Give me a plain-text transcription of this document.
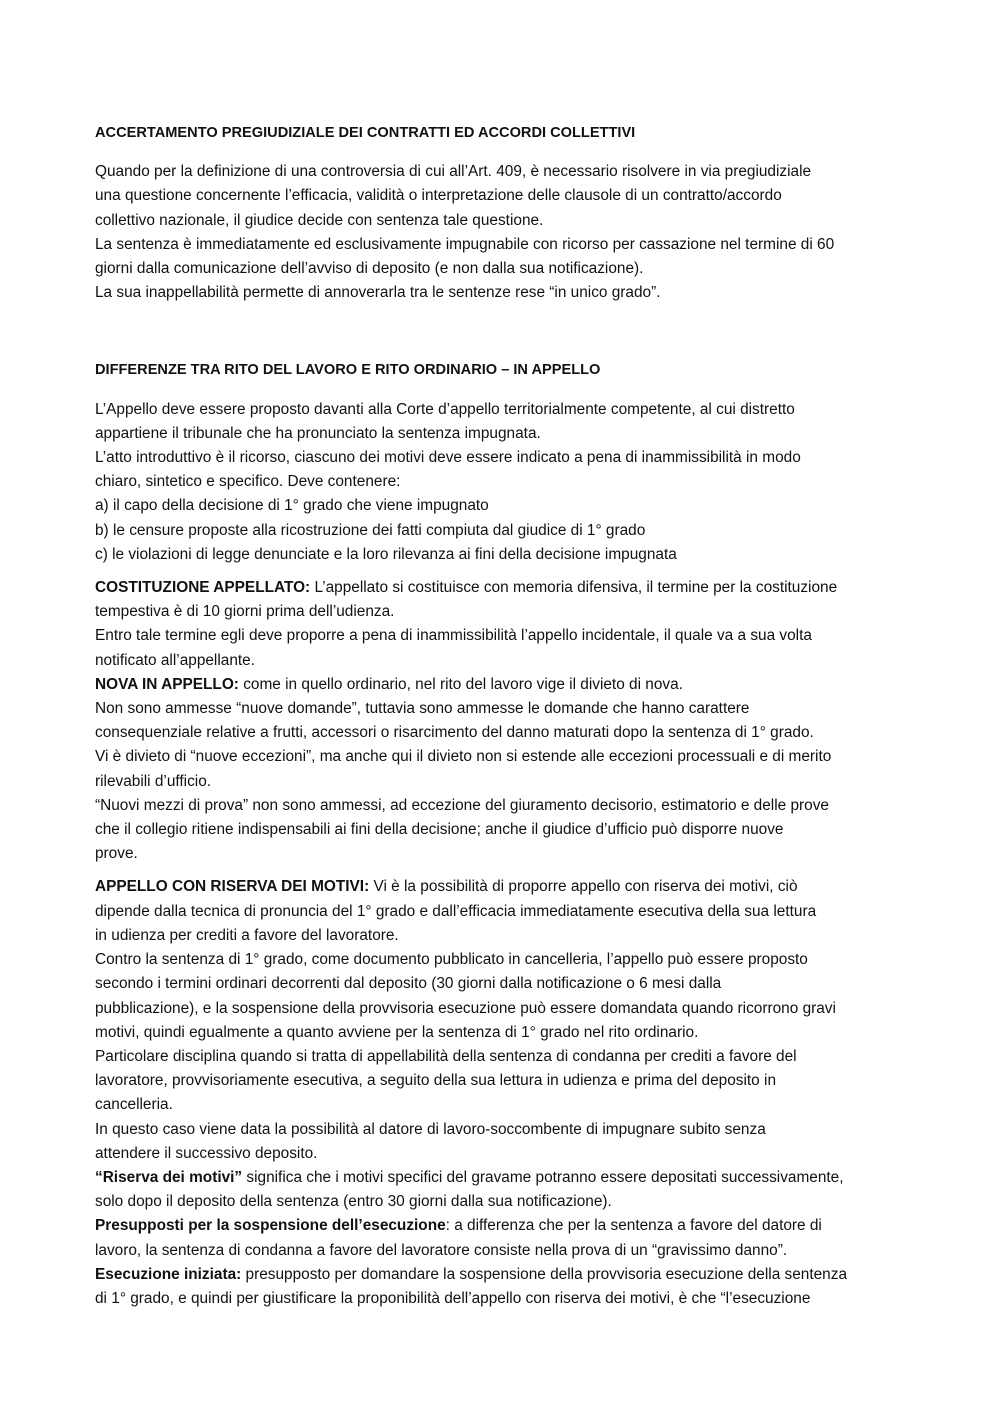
ACCERTAMENTO PREGIUDIZIALE DEI CONTRATTI ED ACCORDI COLLETTIVI
Quando per la definizione di una controversia di cui all’Art. 409, è necessario risolvere in via pregiudiziale
una questione concernente l’efficacia, validità o interpretazione delle clausole di un contratto/accordo
collettivo nazionale, il giudice decide con sentenza tale questione.
La sentenza è immediatamente ed esclusivamente impugnabile con ricorso per cassazione nel termine di 60
giorni dalla comunicazione dell’avviso di deposito (e non dalla sua notificazione).
La sua inappellabilità permette di annoverarla tra le sentenze rese “in unico grado”.
DIFFERENZE TRA RITO DEL LAVORO E RITO ORDINARIO – IN APPELLO
L’Appello deve essere proposto davanti alla Corte d’appello territorialmente competente, al cui distretto
appartiene il tribunale che ha pronunciato la sentenza impugnata.
L’atto introduttivo è il ricorso, ciascuno dei motivi deve essere indicato a pena di inammissibilità in modo
chiaro, sintetico e specifico. Deve contenere:
a) il capo della decisione di 1° grado che viene impugnato
b) le censure proposte alla ricostruzione dei fatti compiuta dal giudice di 1° grado
c) le violazioni di legge denunciate e la loro rilevanza ai fini della decisione impugnata
COSTITUZIONE APPELLATO: L’appellato si costituisce con memoria difensiva, il termine per la costituzione
tempestiva è di 10 giorni prima dell’udienza.
Entro tale termine egli deve proporre a pena di inammissibilità l’appello incidentale, il quale va a sua volta
notificato all’appellante.
NOVA IN APPELLO: come in quello ordinario, nel rito del lavoro vige il divieto di nova.
Non sono ammesse “nuove domande”, tuttavia sono ammesse le domande che hanno carattere
consequenziale relative a frutti, accessori o risarcimento del danno maturati dopo la sentenza di 1° grado.
Vi è divieto di “nuove eccezioni”, ma anche qui il divieto non si estende alle eccezioni processuali e di merito
rilevabili d’ufficio.
“Nuovi mezzi di prova” non sono ammessi, ad eccezione del giuramento decisorio, estimatorio e delle prove
che il collegio ritiene indispensabili ai fini della decisione; anche il giudice d’ufficio può disporre nuove
prove.
APPELLO CON RISERVA DEI MOTIVI: Vi è la possibilità di proporre appello con riserva dei motivi, ciò
dipende dalla tecnica di pronuncia del 1° grado e dall’efficacia immediatamente esecutiva della sua lettura
in udienza per crediti a favore del lavoratore.
Contro la sentenza di 1° grado, come documento pubblicato in cancelleria, l’appello può essere proposto
secondo i termini ordinari decorrenti dal deposito (30 giorni dalla notificazione o 6 mesi dalla
pubblicazione), e la sospensione della provvisoria esecuzione può essere domandata quando ricorrono gravi
motivi, quindi egualmente a quanto avviene per la sentenza di 1° grado nel rito ordinario.
Particolare disciplina quando si tratta di appellabilità della sentenza di condanna per crediti a favore del
lavoratore, provvisoriamente esecutiva, a seguito della sua lettura in udienza e prima del deposito in
cancelleria.
In questo caso viene data la possibilità al datore di lavoro-soccombente di impugnare subito senza
attendere il successivo deposito.
“Riserva dei motivi” significa che i motivi specifici del gravame potranno essere depositati successivamente,
solo dopo il deposito della sentenza (entro 30 giorni dalla sua notificazione).
Presupposti per la sospensione dell’esecuzione: a differenza che per la sentenza a favore del datore di
lavoro, la sentenza di condanna a favore del lavoratore consiste nella prova di un “gravissimo danno”.
Esecuzione iniziata: presupposto per domandare la sospensione della provvisoria esecuzione della sentenza
di 1° grado, e quindi per giustificare la proponibilità dell’appello con riserva dei motivi, è che “l’esecuzione
